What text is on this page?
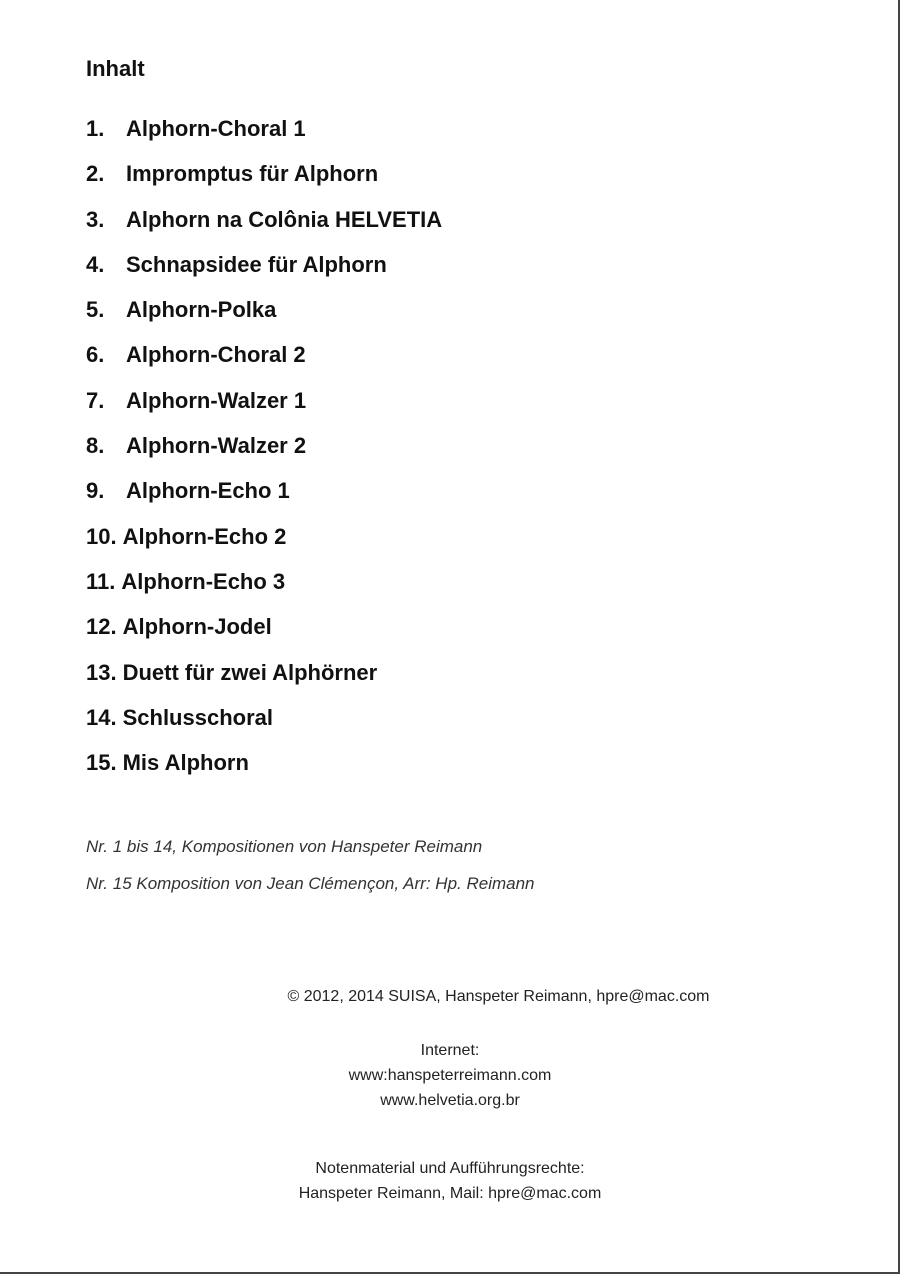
Inhalt
1. Alphorn-Choral 1
2. Impromptus für Alphorn
3. Alphorn na Colônia HELVETIA
4. Schnapsidee für Alphorn
5. Alphorn-Polka
6. Alphorn-Choral 2
7. Alphorn-Walzer 1
8. Alphorn-Walzer 2
9. Alphorn-Echo 1
10. Alphorn-Echo 2
11. Alphorn-Echo 3
12. Alphorn-Jodel
13. Duett für zwei Alphörner
14. Schlusschoral
15. Mis Alphorn
Nr. 1 bis 14, Kompositionen von Hanspeter Reimann
Nr. 15 Komposition von Jean Clémençon, Arr: Hp. Reimann
© 2012, 2014 SUISA, Hanspeter Reimann, hpre@mac.com
Internet:
www:hanspeterreimann.com
www.helvetia.org.br
Notenmaterial und Aufführungsrechte:
Hanspeter Reimann, Mail: hpre@mac.com
